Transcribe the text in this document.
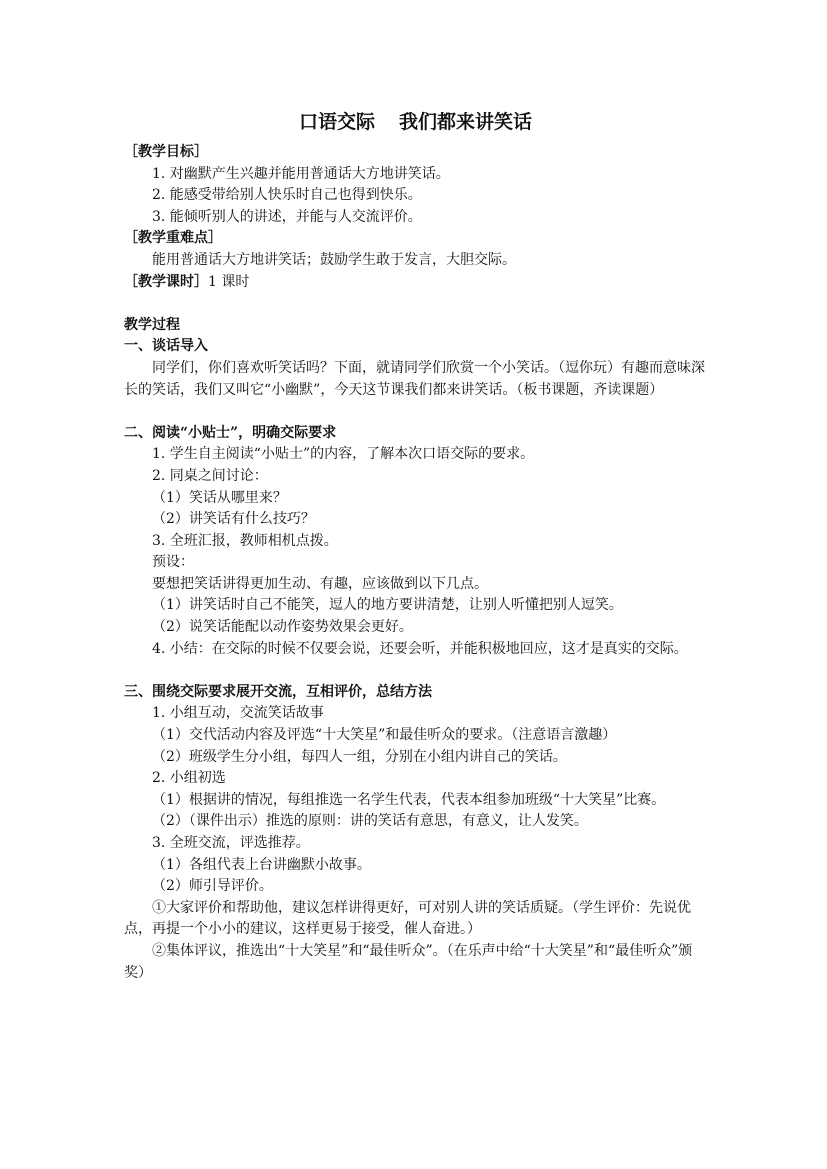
口语交际 我们都来讲笑话

［教学目标］

1. 对幽默产生兴趣并能用普通话大方地讲笑话。

2. 能感受带给别人快乐时自己也得到快乐。

3. 能倾听别人的讲述，并能与人交流评价。

［教学重难点］

能用普通话大方地讲笑话；鼓励学生敢于发言，大胆交际。

［教学课时］1 课时

教学过程

一、谈话导入

同学们，你们喜欢听笑话吗？下面，就请同学们欣赏一个小笑话。（逗你玩）有趣而意味深长的笑话，我们又叫它“小幽默”，今天这节课我们都来讲笑话。（板书课题，齐读课题）

二、阅读“小贴士”，明确交际要求

1. 学生自主阅读“小贴士”的内容，了解本次口语交际的要求。

2. 同桌之间讨论：

（1）笑话从哪里来？

（2）讲笑话有什么技巧？

3. 全班汇报，教师相机点拨。

预设：

要想把笑话讲得更加生动、有趣，应该做到以下几点。

（1）讲笑话时自己不能笑，逗人的地方要讲清楚，让别人听懂把别人逗笑。

（2）说笑话能配以动作姿势效果会更好。

4. 小结：在交际的时候不仅要会说，还要会听，并能积极地回应，这才是真实的交际。

三、围绕交际要求展开交流，互相评价，总结方法

1. 小组互动，交流笑话故事

（1）交代活动内容及评选“十大笑星”和最佳听众的要求。（注意语言激趣）

（2）班级学生分小组，每四人一组，分别在小组内讲自己的笑话。

2. 小组初选

（1）根据讲的情况，每组推选一名学生代表，代表本组参加班级“十大笑星”比赛。

（2）（课件出示）推选的原则：讲的笑话有意思，有意义，让人发笑。

3. 全班交流，评选推荐。

（1）各组代表上台讲幽默小故事。

（2）师引导评价。

①大家评价和帮助他，建议怎样讲得更好，可对别人讲的笑话质疑。（学生评价：先说优点，再提一个小小的建议，这样更易于接受，催人奋进。）

②集体评议，推选出“十大笑星”和“最佳听众”。（在乐声中给“十大笑星”和“最佳听众”颁奖）
